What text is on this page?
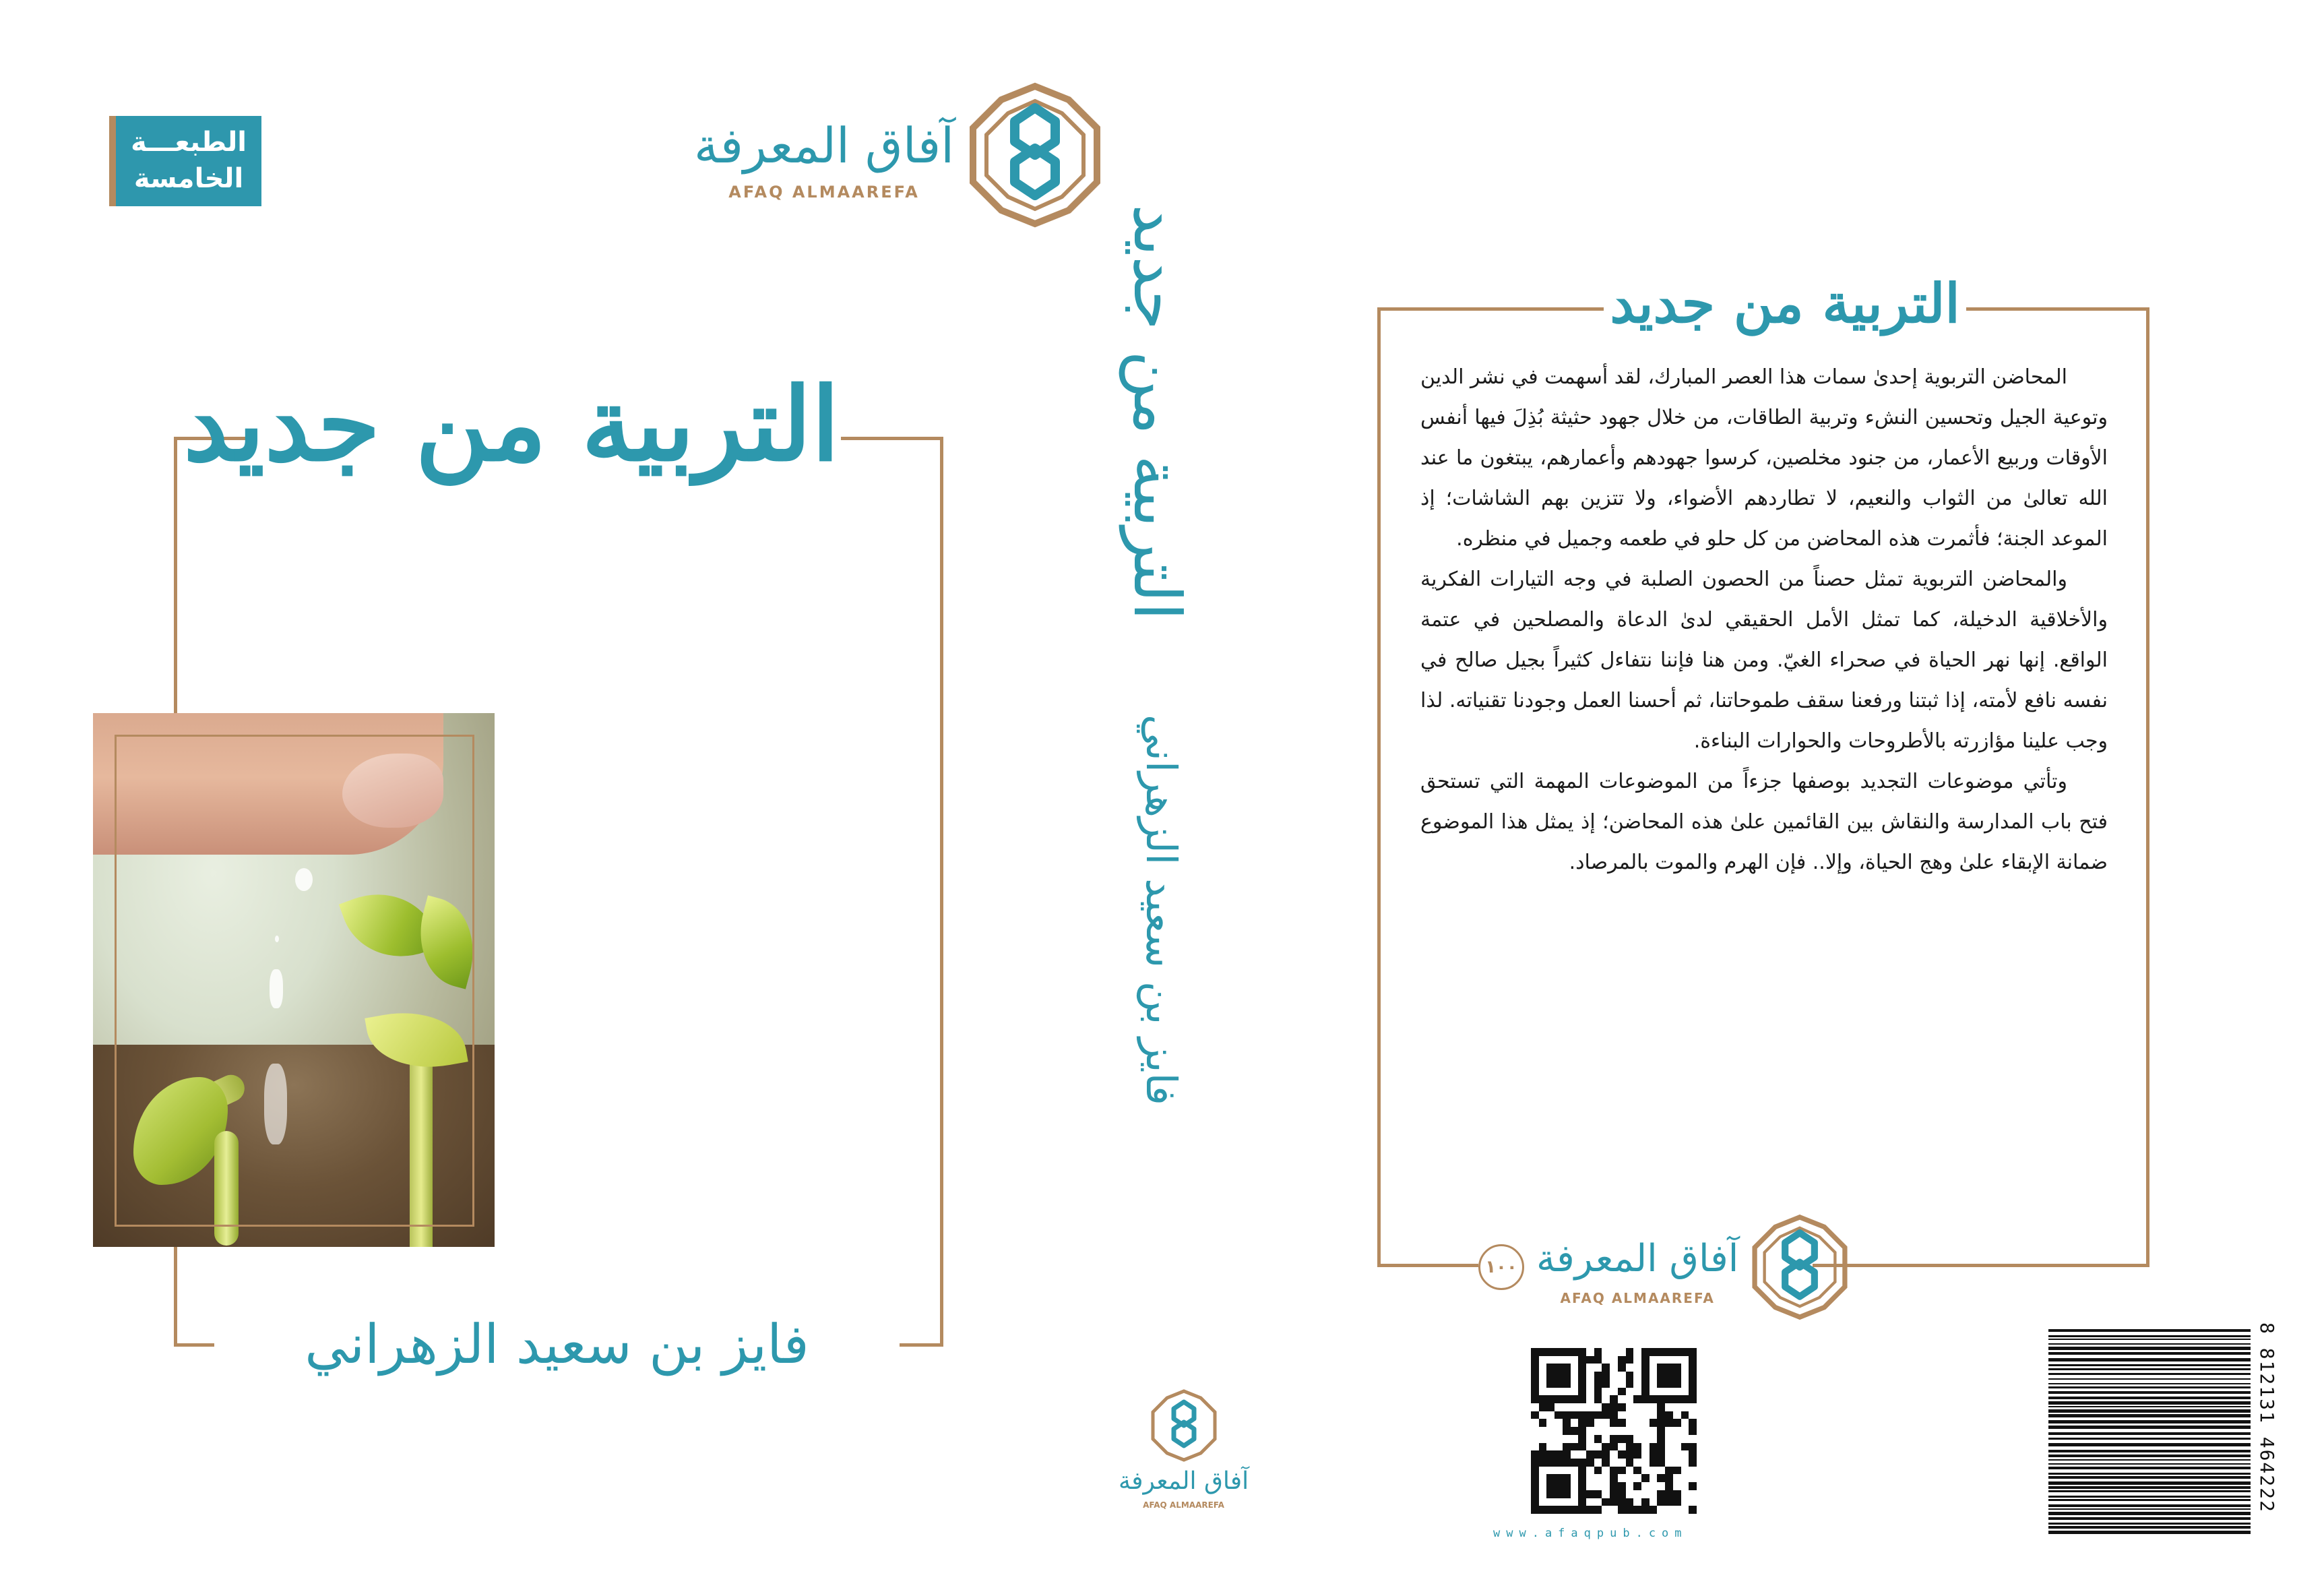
الطبعـــة
الخامسة
آفاق المعرفة
AFAQ ALMAAREFA
التربية من جديد
فايز بن سعيد الزهراني
التربية من جديد
فايز بن سعيد الزهراني
آفاق المعرفة
AFAQ ALMAAREFA
التربية من جديد

المحاضن التربوية إحدىٰ سمات هذا العصر المبارك، لقد أسهمت في نشر الدين وتوعية الجيل وتحسين النشء وتربية الطاقات، من خلال جهود حثيثة بُذِلَ فيها أنفس الأوقات وربيع الأعمار، من جنود مخلصين، كرسوا جهودهم وأعمارهم، يبتغون ما عند الله تعالىٰ من الثواب والنعيم، لا تطاردهم الأضواء، ولا تتزين بهم الشاشات؛ إذ الموعد الجنة؛ فأثمرت هذه المحاضن من كل حلو في طعمه وجميل في منظره.

والمحاضن التربوية تمثل حصناً من الحصون الصلبة في وجه التيارات الفكرية والأخلاقية الدخيلة، كما تمثل الأمل الحقيقي لدىٰ الدعاة والمصلحين في عتمة الواقع. إنها نهر الحياة في صحراء الغيّ. ومن هنا فإننا نتفاءل كثيراً بجيل صالح في نفسه نافع لأمته، إذا ثبتنا ورفعنا سقف طموحاتنا، ثم أحسنا العمل وجودنا تقنياته. لذا وجب علينا مؤازرته بالأطروحات والحوارات البناءة.

وتأتي موضوعات التجديد بوصفها جزءاً من الموضوعات المهمة التي تستحق فتح باب المدارسة والنقاش بين القائمين علىٰ هذه المحاضن؛ إذ يمثل هذا الموضوع ضمانة الإبقاء علىٰ وهج الحياة، وإلا.. فإن الهرم والموت بالمرصاد.

١٠٠ آفاق المعرفة
AFAQ ALMAAREFA
www.afaqpub.com
8 812131 464222
